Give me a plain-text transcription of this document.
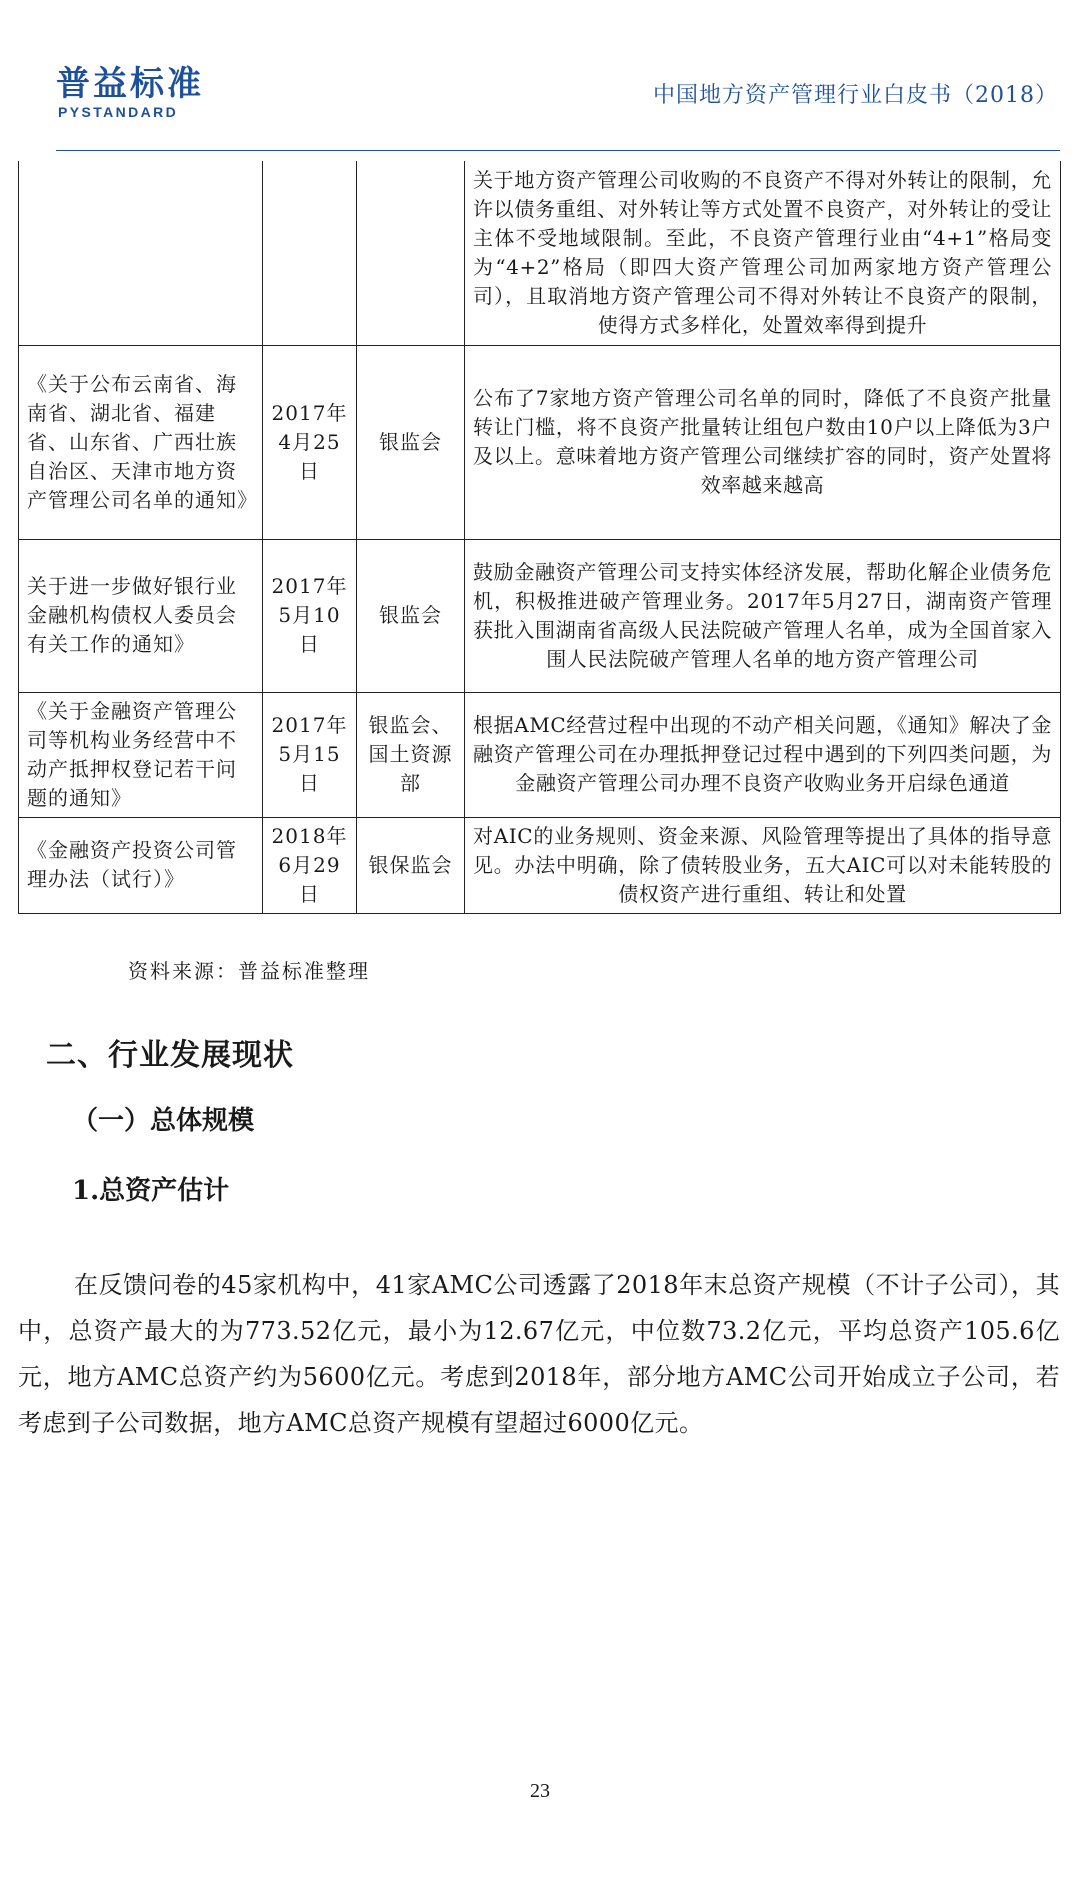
普益标准
PYSTANDARD
中国地方资产管理行业白皮书（2018）
			关于地方资产管理公司收购的不良资产不得对外转让的限制，允许以债务重组、对外转让等方式处置不良资产，对外转让的受让主体不受地域限制。至此，不良资产管理行业由“4+1”格局变为“4+2”格局（即四大资产管理公司加两家地方资产管理公司），且取消地方资产管理公司不得对外转让不良资产的限制，使得方式多样化，处置效率得到提升
《关于公布云南省、海南省、湖北省、福建省、山东省、广西壮族自治区、天津市地方资产管理公司名单的通知》	2017年4月25日	银监会	公布了7家地方资产管理公司名单的同时，降低了不良资产批量转让门槛，将不良资产批量转让组包户数由10户以上降低为3户及以上。意味着地方资产管理公司继续扩容的同时，资产处置将效率越来越高
关于进一步做好银行业金融机构债权人委员会有关工作的通知》	2017年5月10日	银监会	鼓励金融资产管理公司支持实体经济发展，帮助化解企业债务危机，积极推进破产管理业务。2017年5月27日，湖南资产管理获批入围湖南省高级人民法院破产管理人名单，成为全国首家入围人民法院破产管理人名单的地方资产管理公司
《关于金融资产管理公司等机构业务经营中不动产抵押权登记若干问题的通知》	2017年5月15日	银监会、国土资源部	根据AMC经营过程中出现的不动产相关问题，《通知》解决了金融资产管理公司在办理抵押登记过程中遇到的下列四类问题，为金融资产管理公司办理不良资产收购业务开启绿色通道
《金融资产投资公司管理办法（试行）》	2018年6月29日	银保监会	对AIC的业务规则、资金来源、风险管理等提出了具体的指导意见。办法中明确，除了债转股业务，五大AIC可以对未能转股的债权资产进行重组、转让和处置
资料来源：普益标准整理
二、行业发展现状
（一）总体规模
1.总资产估计

在反馈问卷的45家机构中，41家AMC公司透露了2018年末总资产规模（不计子公司），其中，总资产最大的为773.52亿元，最小为12.67亿元，中位数73.2亿元，平均总资产105.6亿元，地方AMC总资产约为5600亿元。考虑到2018年，部分地方AMC公司开始成立子公司，若考虑到子公司数据，地方AMC总资产规模有望超过6000亿元。

23
